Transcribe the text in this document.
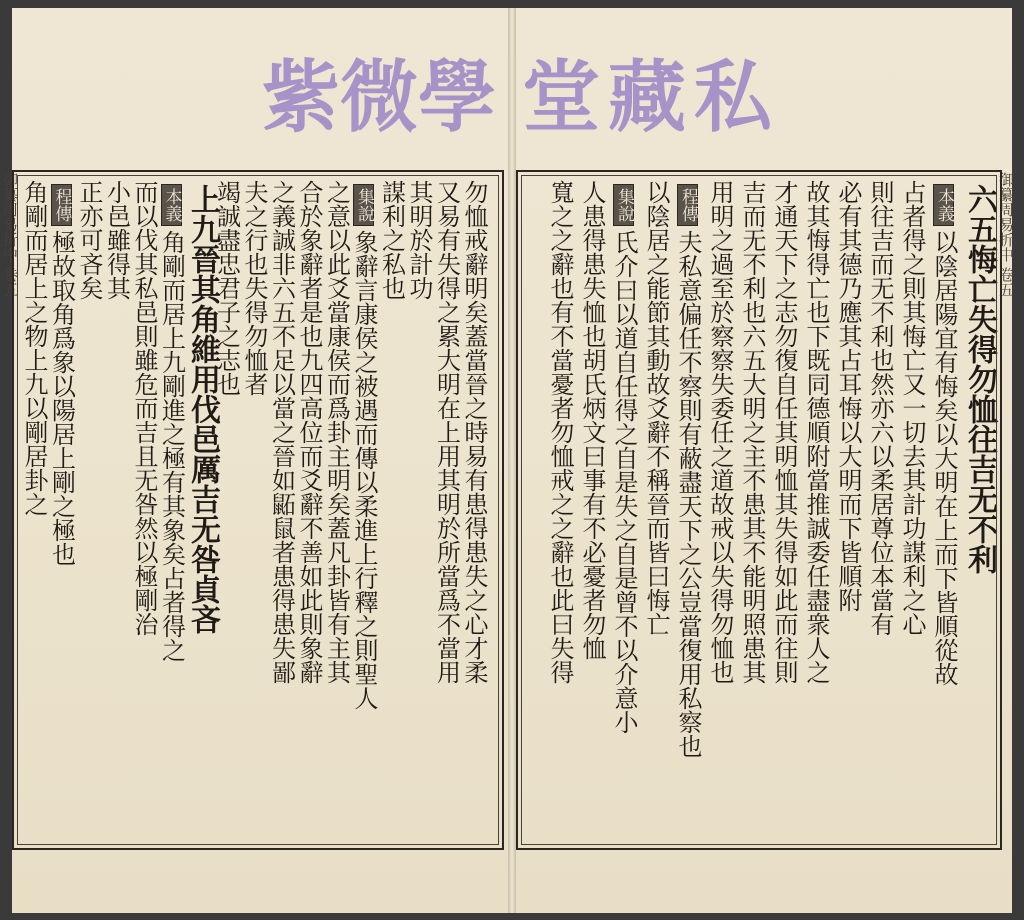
紫 微 學 堂 藏 私
御纂周易折中 卷五
御纂周易折中 卷五	六五悔亡失得勿恤往吉无不利
本義以陰居陽宜有悔矣以大明在上而下皆順從故
占者得之則其悔亡又一切去其計功謀利之心
則往吉而无不利也然亦六以柔居尊位本當有
必有其德乃應其占耳悔以大明而下皆順附
故其悔得亡也下既同德順附當推誠委任盡衆人之
才通天下之志勿復自任其明恤其失得如此而往則
吉而无不利也六五大明之主不患其不能明照患其
用明之過至於察察失委任之道故戒以失得勿恤也
程傳夫私意偏任不察則有蔽盡天下之公豈當復用私察也
以陰居之能節其動故爻辭不稱晉而皆曰悔亡
集說氏介曰以道自任得之自是失之自是曾不以介意小
人患得患失恤也胡氏炳文曰事有不必憂者勿恤
寬之之辭也有不當憂者勿恤戒之之辭也此曰失得
勿恤戒辭明矣蓋當晉之時易有患得患失之心才柔
又易有失得之累大明在上用其明於所當爲不當用
其明於計功
謀利之私也
集說象辭言康侯之被遇而傳以柔進上行釋之則聖人
之意以此爻當康侯而爲卦主明矣蓋凡卦皆有主其
合於象辭者是也九四高位而爻辭不善如此則象辭
之義誠非六五不足以當之晉如鼫鼠者患得患失鄙
夫之行也失得勿恤者
竭誠盡忠君子之志也
上九晉其角維用伐邑厲吉无咎貞吝
本義角剛而居上九剛進之極有其象矣占者得之
而以伐其私邑則雖危而吉且无咎然以極剛治
小邑雖得其
正亦可吝矣
程傳極故取角爲象以陽居上剛之極也
角剛而居上之物上九以剛居卦之
